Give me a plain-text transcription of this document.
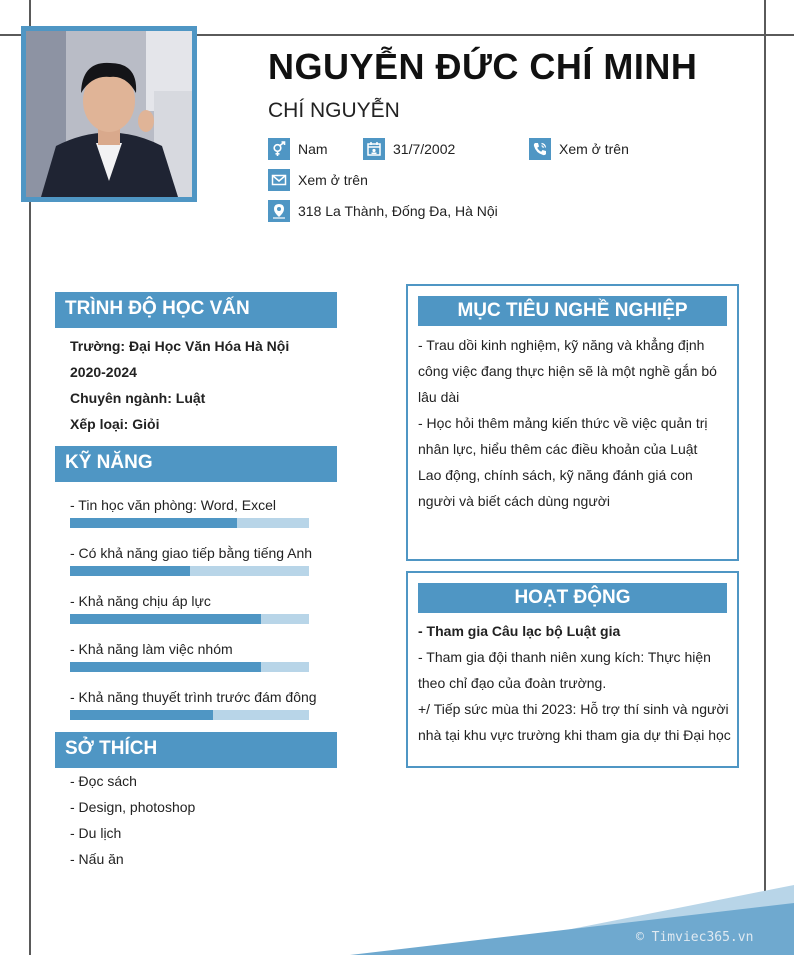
NGUYỄN ĐỨC CHÍ MINH
CHÍ NGUYỄN
Nam	31/7/2002	Xem ở trên
Xem ở trên
318 La Thành, Đống Đa, Hà Nội
TRÌNH ĐỘ HỌC VẤN
Trường: Đại Học Văn Hóa Hà Nội
2020-2024
Chuyên ngành: Luật
Xếp loại: Giỏi
KỸ NĂNG
- Tin học văn phòng: Word, Excel
- Có khả năng giao tiếp bằng tiếng Anh
- Khả năng chịu áp lực
- Khả năng làm việc nhóm
- Khả năng thuyết trình trước đám đông
SỞ THÍCH
- Đọc sách
- Design, photoshop
- Du lịch
- Nấu ăn
MỤC TIÊU NGHỀ NGHIỆP
- Trau dồi kinh nghiệm, kỹ năng và khẳng định công việc đang thực hiện sẽ là một nghề gắn bó lâu dài
- Học hỏi thêm mảng kiến thức về việc quản trị nhân lực, hiểu thêm các điều khoản của Luật Lao động, chính sách, kỹ năng đánh giá con người và biết cách dùng người
HOẠT ĐỘNG
- Tham gia Câu lạc bộ Luật gia
- Tham gia đội thanh niên xung kích: Thực hiện theo chỉ đạo của đoàn trường.
+/ Tiếp sức mùa thi 2023: Hỗ trợ thí sinh và người nhà tại khu vực trường khi tham gia dự thi Đại học
© Timviec365.vn
